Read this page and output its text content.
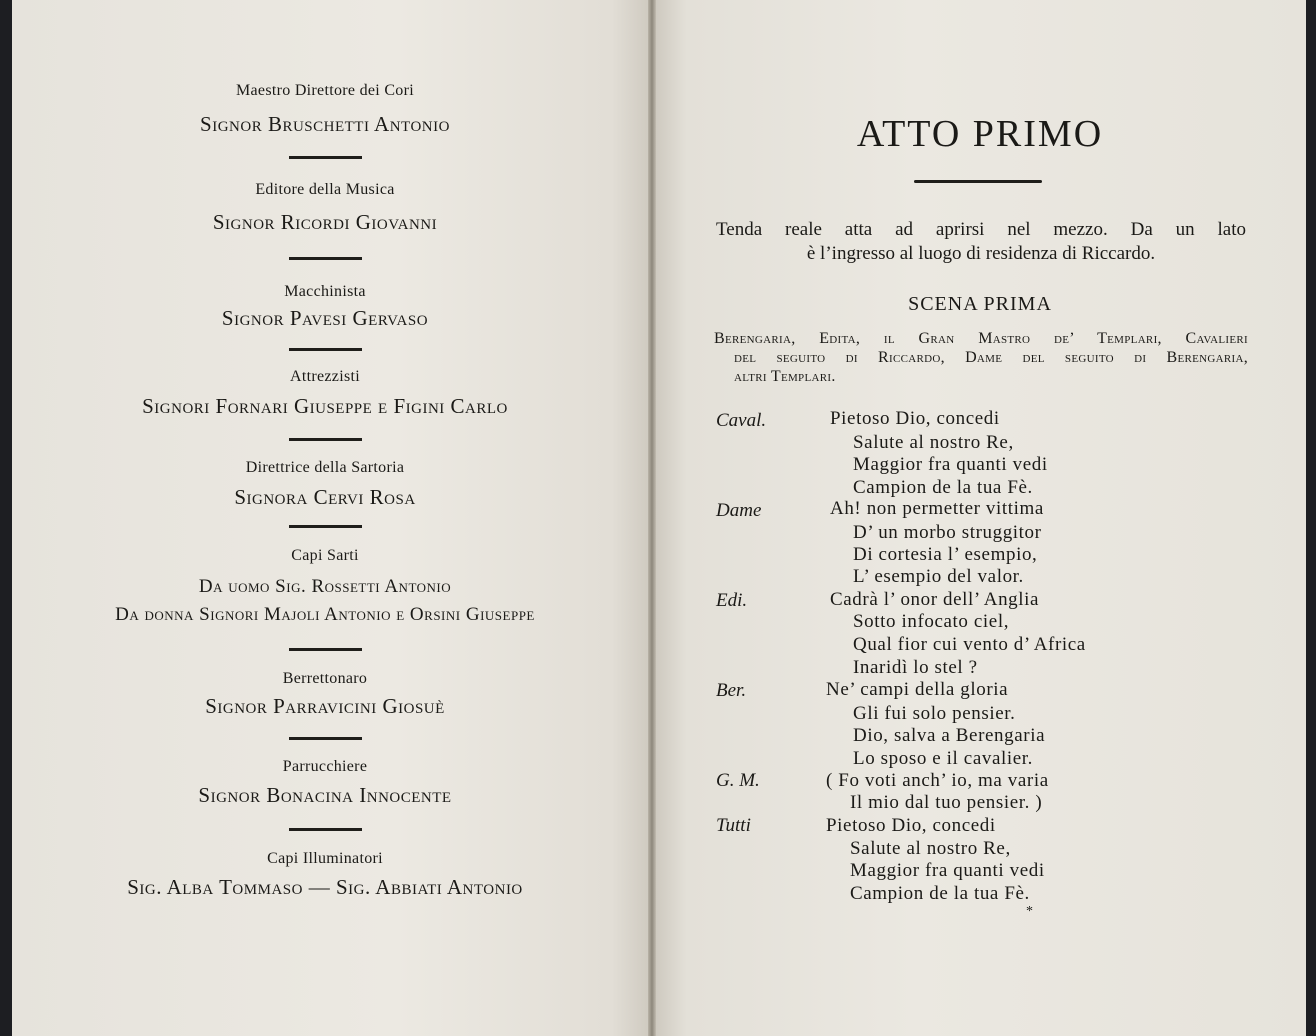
Maestro Direttore dei Cori
Signor Bruschetti Antonio
Editore della Musica
Signor Ricordi Giovanni
Macchinista
Signor Pavesi Gervaso
Attrezzisti
Signori Fornari Giuseppe e Figini Carlo
Direttrice della Sartoria
Signora Cervi Rosa
Capi Sarti
Da uomo Sig. Rossetti Antonio
Da donna Signori Majoli Antonio e Orsini Giuseppe
Berrettonaro
Signor Parravicini Giosuè
Parrucchiere
Signor Bonacina Innocente
Capi Illuminatori
Sig. Alba Tommaso — Sig. Abbiati Antonio
ATTO PRIMO
Tenda reale atta ad aprirsi nel mezzo. Da un lato
è l’ingresso al luogo di residenza di Riccardo.
SCENA PRIMA
Berengaria, Edita, il Gran Mastro de’ Templari, Cavalieri
del seguito di Riccardo, Dame del seguito di Berengaria,
altri Templari.
Caval.	Pietoso Dio, concedi
Salute al nostro Re,
Maggior fra quanti vedi
Campion de la tua Fè.
Dame	Ah! non permetter vittima
D’ un morbo struggitor
Di cortesia l’ esempio,
L’ esempio del valor.
Edi.	Cadrà l’ onor dell’ Anglia
Sotto infocato ciel,
Qual fior cui vento d’ Africa
Inaridì lo stel ?
Ber.	Ne’ campi della gloria
Gli fui solo pensier.
Dio, salva a Berengaria
Lo sposo e il cavalier.
G. M.	( Fo voti anch’ io, ma varia
Il mio dal tuo pensier. )
Tutti	Pietoso Dio, concedi
Salute al nostro Re,
Maggior fra quanti vedi
Campion de la tua Fè.
*
